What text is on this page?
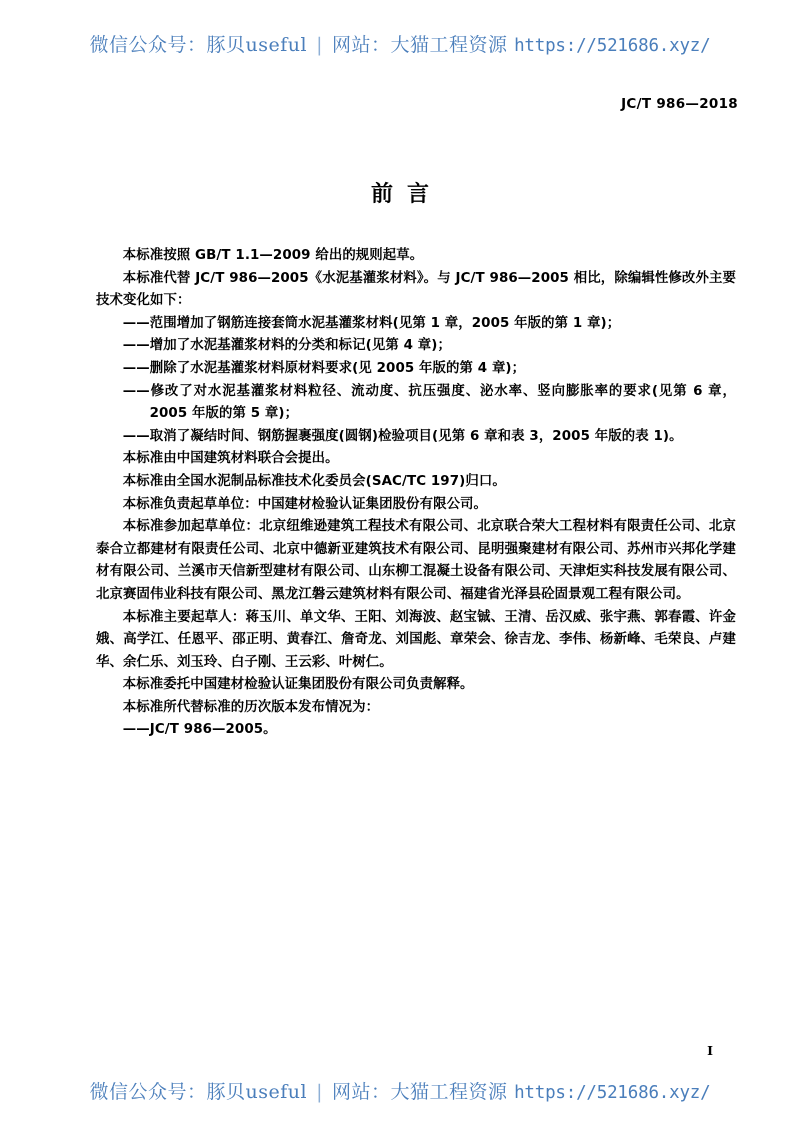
微信公众号：豚贝useful | 网站：大猫工程资源 https://521686.xyz/
JC/T 986—2018
前言

本标准按照 GB/T 1.1—2009 给出的规则起草。

本标准代替 JC/T 986—2005《水泥基灌浆材料》。与 JC/T 986—2005 相比，除编辑性修改外主要技术变化如下：

——范围增加了钢筋连接套筒水泥基灌浆材料(见第 1 章，2005 年版的第 1 章)；

——增加了水泥基灌浆材料的分类和标记(见第 4 章)；

——删除了水泥基灌浆材料原材料要求(见 2005 年版的第 4 章)；

——修改了对水泥基灌浆材料粒径、流动度、抗压强度、泌水率、竖向膨胀率的要求(见第 6 章，2005 年版的第 5 章)；

——取消了凝结时间、钢筋握裹强度(圆钢)检验项目(见第 6 章和表 3，2005 年版的表 1)。

本标准由中国建筑材料联合会提出。

本标准由全国水泥制品标准技术化委员会(SAC/TC 197)归口。

本标准负责起草单位：中国建材检验认证集团股份有限公司。

本标准参加起草单位：北京纽维逊建筑工程技术有限公司、北京联合荣大工程材料有限责任公司、北京泰合立都建材有限责任公司、北京中德新亚建筑技术有限公司、昆明强聚建材有限公司、苏州市兴邦化学建材有限公司、兰溪市天信新型建材有限公司、山东柳工混凝土设备有限公司、天津炬实科技发展有限公司、北京赛固伟业科技有限公司、黑龙江磐云建筑材料有限公司、福建省光泽县砼固景观工程有限公司。

本标准主要起草人：蒋玉川、单文华、王阳、刘海波、赵宝铖、王清、岳汉威、张宇燕、郭春霞、许金娥、高学江、任恩平、邵正明、黄春江、詹奇龙、刘国彪、章荣会、徐吉龙、李伟、杨新峰、毛荣良、卢建华、余仁乐、刘玉玲、白子刚、王云彩、叶树仁。

本标准委托中国建材检验认证集团股份有限公司负责解释。

本标准所代替标准的历次版本发布情况为：

——JC/T 986—2005。

I
微信公众号：豚贝useful | 网站：大猫工程资源 https://521686.xyz/
